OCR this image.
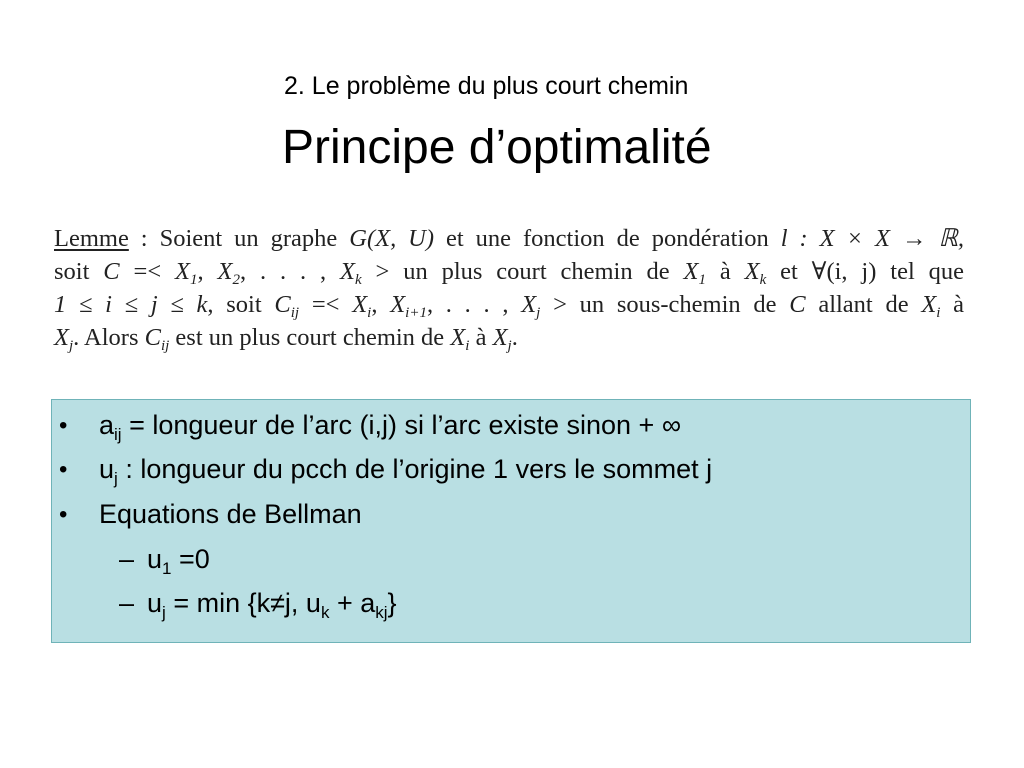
2. Le problème du plus court chemin
Principe d’optimalité
Lemme : Soient un graphe G(X, U) et une fonction de pondération l : X × X → ℝ,
soit $C =< X_1$, $X_2$, . . . , $X_k$ > un plus court chemin de $X_1$ à $X_k$ et ∀(i, j) tel que
1 ≤ i ≤ j ≤ k, soit $C_{ij} =< X_i$, $X_{i+1}$, . . . , $X_j$ > un sous-chemin de C allant de $X_i$ à
$X_j$. Alors $C_{ij}$ est un plus court chemin de $X_i$ à $X_j$.
• $a_{ij}$ = longueur de l’arc (i,j) si l’arc existe sinon + ∞
• $u_j$ : longueur du pcch de l’origine 1 vers le sommet j
• Equations de Bellman
– $u_1 =0$
– $u_j = \min \{k\ne j$, $u_k + a_{kj}$}
